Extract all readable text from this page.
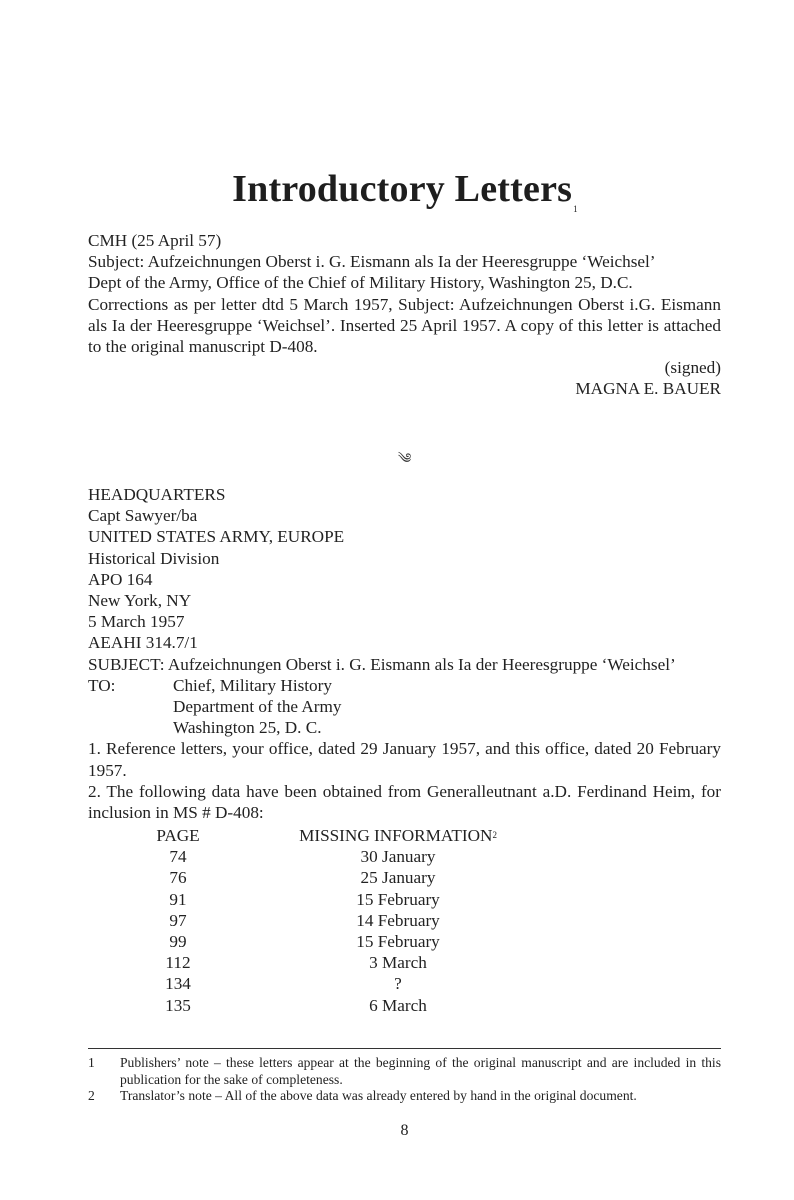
Introductory Letters$^1$

CMH (25 April 57)

Subject: Aufzeichnungen Oberst i. G. Eismann als Ia der Heeresgruppe ‘Weichsel’

Dept of the Army, Office of the Chief of Military History, Washington 25, D.C.

Corrections as per letter dtd 5 March 1957, Subject: Aufzeichnungen Oberst i.G. Eismann als Ia der Heeresgruppe ‘Weichsel’. Inserted 25 April 1957. A copy of this letter is attached to the original manuscript D-408.

(signed)

MAGNA E. BAUER

༄

HEADQUARTERS

Capt Sawyer/ba

UNITED STATES ARMY, EUROPE

Historical Division

APO 164

New York, NY

5 March 1957

AEAHI 314.7/1

SUBJECT: Aufzeichnungen Oberst i. G. Eismann als Ia der Heeresgruppe ‘Weichsel’

TO:	Chief, Military History
Department of the Army
Washington 25, D. C.

1. Reference letters, your office, dated 29 January 1957, and this office, dated 20 February 1957.

2. The following data have been obtained from Generalleutnant a.D. Ferdinand Heim, for inclusion in MS # D-408:

PAGE	MISSING INFORMATION$^2$
74	30 January
76	25 January
91	15 February
97	14 February
99	15 February
112	3 March
134	?
135	6 March
1	Publishers’ note – these letters appear at the beginning of the original manuscript and are included in this publication for the sake of completeness.
2	Translator’s note – All of the above data was already entered by hand in the original document.
8
